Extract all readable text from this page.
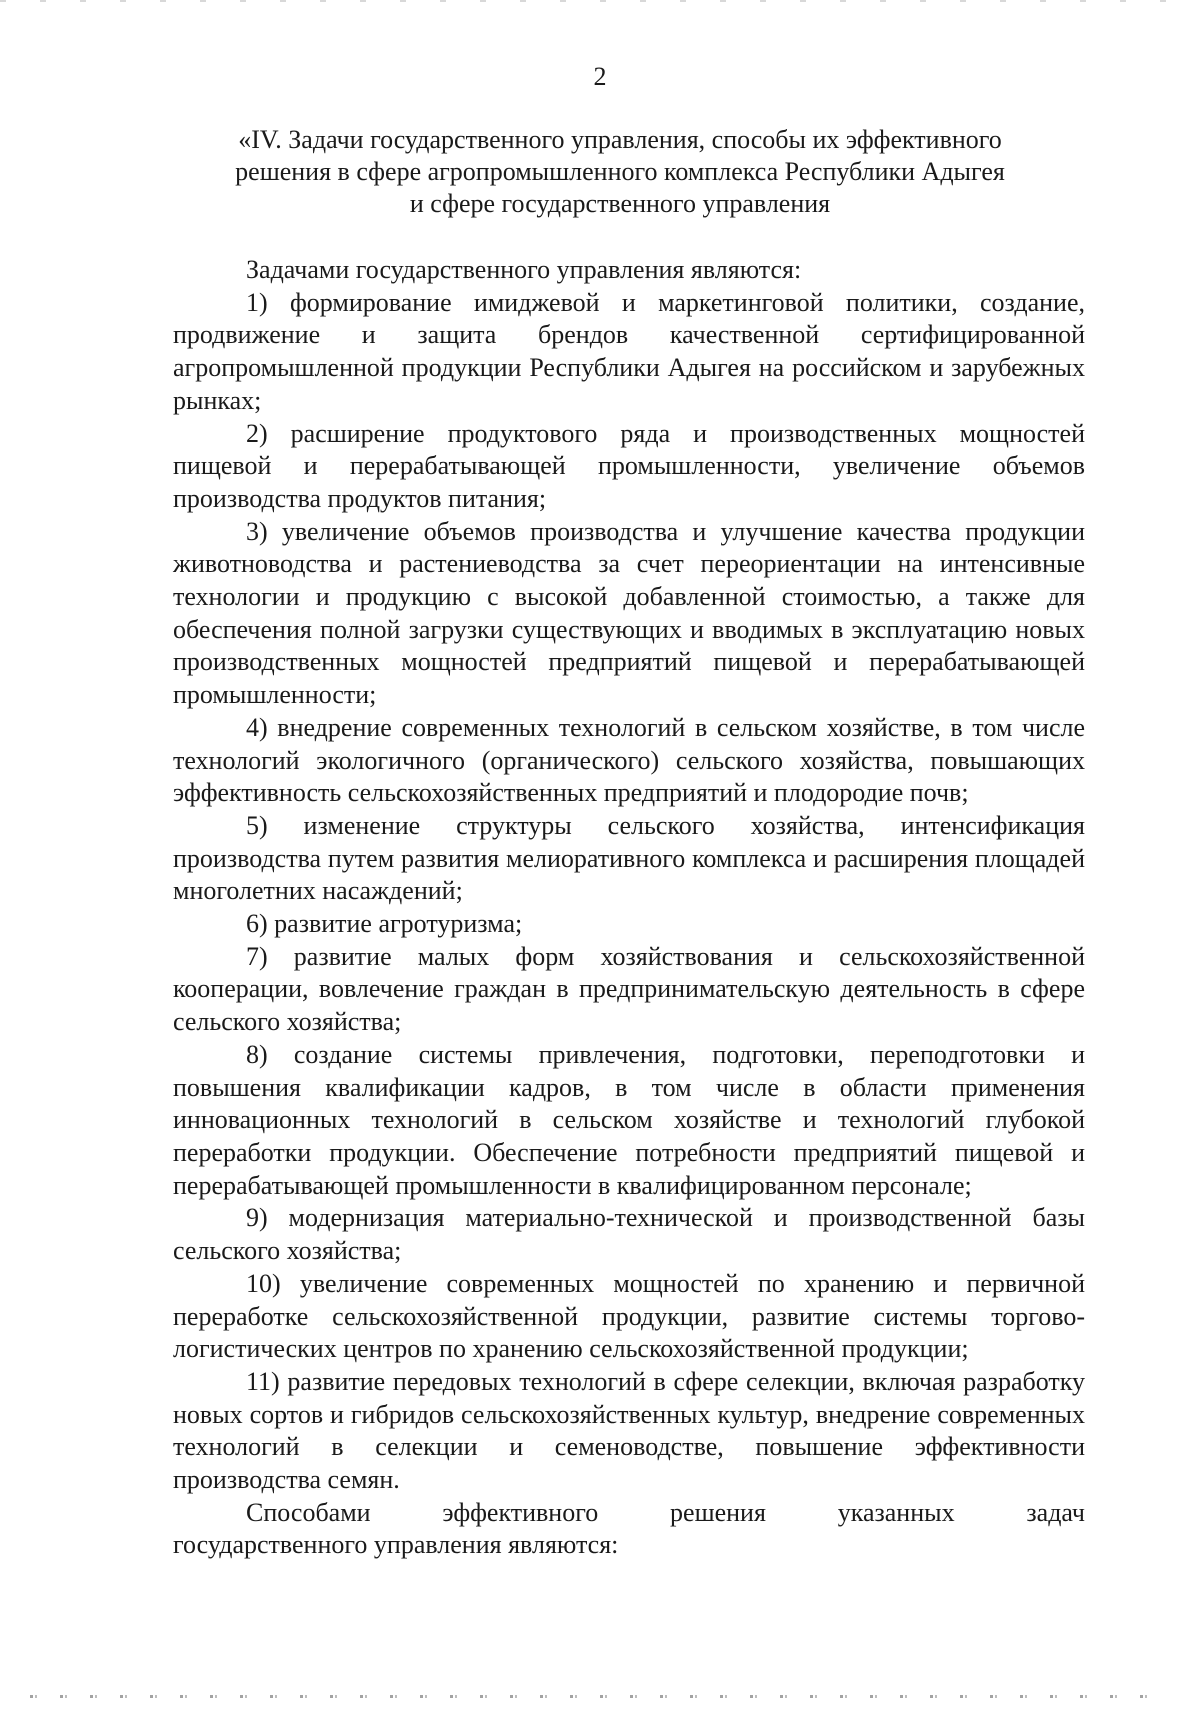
2
«IV. Задачи государственного управления, способы их эффективного
решения в сфере агропромышленного комплекса Республики Адыгея
и сфере государственного управления

Задачами государственного управления являются:

1) формирование имиджевой и маркетинговой политики, создание, продвижение и защита брендов качественной сертифицированной агропромышленной продукции Республики Адыгея на российском и зарубежных рынках;

2) расширение продуктового ряда и производственных мощностей пищевой и перерабатывающей промышленности, увеличение объемов производства продуктов питания;

3) увеличение объемов производства и улучшение качества продукции животноводства и растениеводства за счет переориентации на интенсивные технологии и продукцию с высокой добавленной стоимостью, а также для обеспечения полной загрузки существующих и вводимых в эксплуатацию новых производственных мощностей предприятий пищевой и перерабатывающей промышленности;

4) внедрение современных технологий в сельском хозяйстве, в том числе технологий экологичного (органического) сельского хозяйства, повышающих эффективность сельскохозяйственных предприятий и плодородие почв;

5) изменение структуры сельского хозяйства, интенсификация производства путем развития мелиоративного комплекса и расширения площадей многолетних насаждений;

6) развитие агротуризма;

7) развитие малых форм хозяйствования и сельскохозяйственной кооперации, вовлечение граждан в предпринимательскую деятельность в сфере сельского хозяйства;

8) создание системы привлечения, подготовки, переподготовки и повышения квалификации кадров, в том числе в области применения инновационных технологий в сельском хозяйстве и технологий глубокой переработки продукции. Обеспечение потребности предприятий пищевой и перерабатывающей промышленности в квалифицированном персонале;

9) модернизация материально-технической и производственной базы сельского хозяйства;

10) увеличение современных мощностей по хранению и первичной переработке сельскохозяйственной продукции, развитие системы торгово-логистических центров по хранению сельскохозяйственной продукции;

11) развитие передовых технологий в сфере селекции, включая разработку новых сортов и гибридов сельскохозяйственных культур, внедрение современных технологий в селекции и семеноводстве, повышение эффективности производства семян.

Способами эффективного решения указанных задач

государственного управления являются:
